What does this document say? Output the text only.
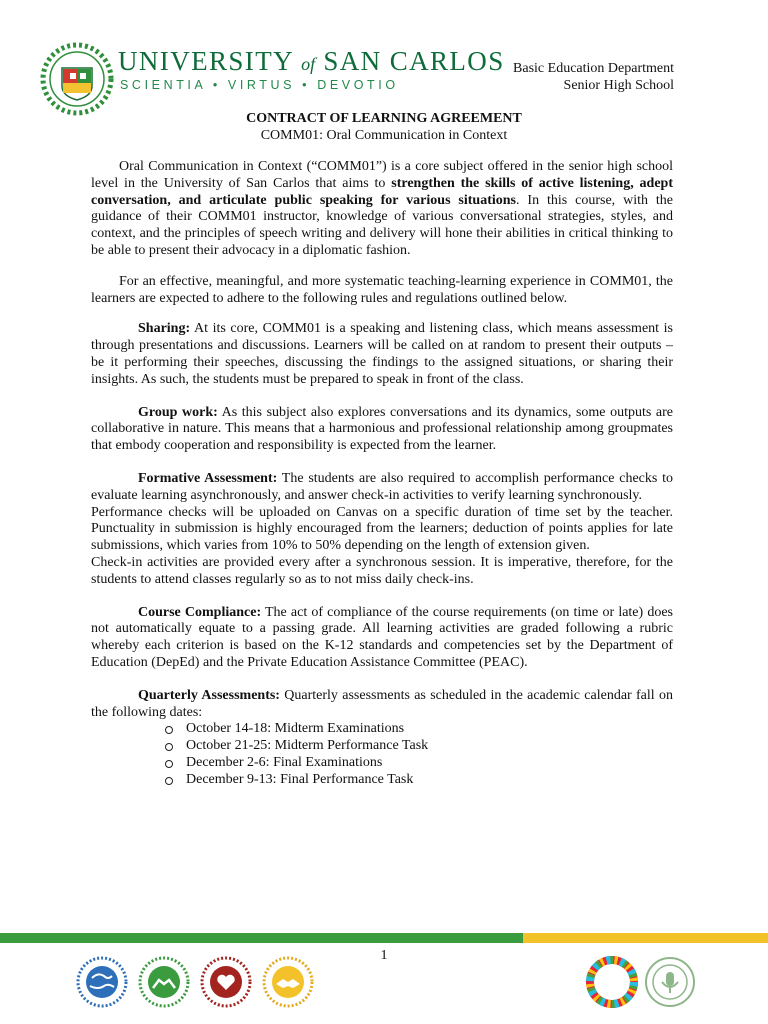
UNIVERSITY of SAN CARLOS
SCIENTIA • VIRTUS • DEVOTIO
Basic Education Department
Senior High School
CONTRACT OF LEARNING AGREEMENT
COMM01: Oral Communication in Context

Oral Communication in Context (“COMM01”) is a core subject offered in the senior high school level in the University of San Carlos that aims to strengthen the skills of active listening, adept conversation, and articulate public speaking for various situations. In this course, with the guidance of their COMM01 instructor, knowledge of various conversational strategies, styles, and context, and the principles of speech writing and delivery will hone their abilities in critical thinking to be able to present their advocacy in a diplomatic fashion.

For an effective, meaningful, and more systematic teaching-learning experience in COMM01, the learners are expected to adhere to the following rules and regulations outlined below.

Sharing: At its core, COMM01 is a speaking and listening class, which means assessment is through presentations and discussions. Learners will be called on at random to present their outputs – be it performing their speeches, discussing the findings to the assigned situations, or sharing their insights. As such, the students must be prepared to speak in front of the class.

Group work: As this subject also explores conversations and its dynamics, some outputs are collaborative in nature. This means that a harmonious and professional relationship among groupmates that embody cooperation and responsibility is expected from the learner.

Formative Assessment: The students are also required to accomplish performance checks to evaluate learning asynchronously, and answer check-in activities to verify learning synchronously.

Performance checks will be uploaded on Canvas on a specific duration of time set by the teacher. Punctuality in submission is highly encouraged from the learners; deduction of points applies for late submissions, which varies from 10% to 50% depending on the length of extension given.

Check-in activities are provided every after a synchronous session. It is imperative, therefore, for the students to attend classes regularly so as to not miss daily check-ins.

Course Compliance: The act of compliance of the course requirements (on time or late) does not automatically equate to a passing grade. All learning activities are graded following a rubric whereby each criterion is based on the K-12 standards and competencies set by the Department of Education (DepEd) and the Private Education Assistance Committee (PEAC).

Quarterly Assessments: Quarterly assessments as scheduled in the academic calendar fall on the following dates:

October 14-18: Midterm Examinations
October 21-25: Midterm Performance Task
December 2-6: Final Examinations
December 9-13: Final Performance Task
1
